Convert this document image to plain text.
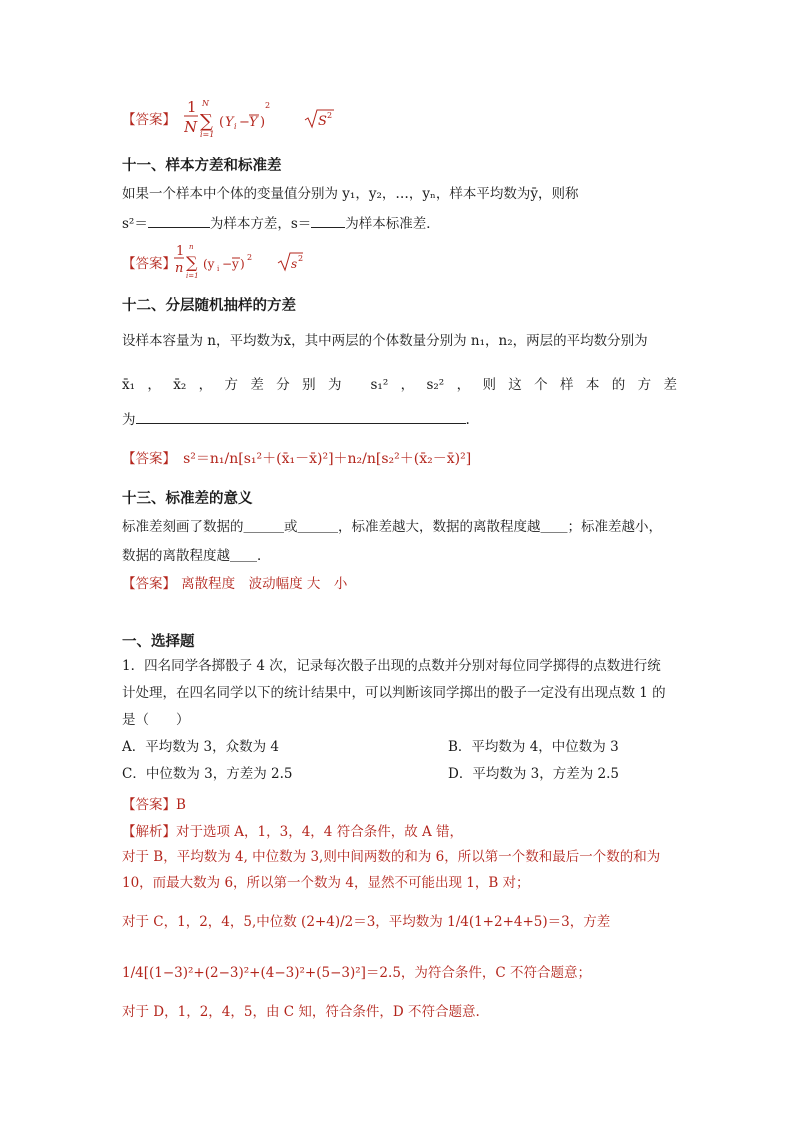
【答案】
1
N
N
∑
i=1
( Y i − Y )
2
S 2
十一、样本方差和标准差
如果一个样本中个体的变量值分别为 y₁，y₂，…，yₙ，样本平均数为ȳ，则称
s²＝	为样本方差，s＝	为样本标准差．
【答案】
1
n
n
∑
i=1
(y i − y ) 2	s 2
十二、分层随机抽样的方差
设样本容量为 n，平均数为x̄，其中两层的个体数量分别为 n₁，n₂，两层的平均数分别为
x̄₁，x̄₂，方差分别为 s₁²，s₂²，则这个样本的方差
为	.
【答案】 s²＝n₁/n[s₁²＋(x̄₁－x̄)²]＋n₂/n[s₂²＋(x̄₂－x̄)²]
十三、标准差的意义
标准差刻画了数据的＿＿＿或＿＿＿，标准差越大，数据的离散程度越＿＿；标准差越小，
数据的离散程度越＿＿．
【答案】 离散程度　波动幅度 大　小
一、选择题
1．四名同学各掷骰子 4 次，记录每次骰子出现的点数并分别对每位同学掷得的点数进行统
计处理，在四名同学以下的统计结果中，可以判断该同学掷出的骰子一定没有出现点数 1 的
是（　　）
A．平均数为 3，众数为 4	B．平均数为 4，中位数为 3
C．中位数为 3，方差为 2.5	D．平均数为 3，方差为 2.5
【答案】B
【解析】对于选项 A，1，3，4，4 符合条件，故 A 错，
对于 B，平均数为 4, 中位数为 3,则中间两数的和为 6，所以第一个数和最后一个数的和为
10，而最大数为 6，所以第一个数为 4，显然不可能出现 1，B 对；
对于 C，1，2，4，5,中位数 (2+4)/2＝3，平均数为 1/4(1+2+4+5)＝3，方差
1/4[(1−3)²+(2−3)²+(4−3)²+(5−3)²]＝2.5，为符合条件，C 不符合题意；
对于 D，1，2，4，5，由 C 知，符合条件，D 不符合题意.
